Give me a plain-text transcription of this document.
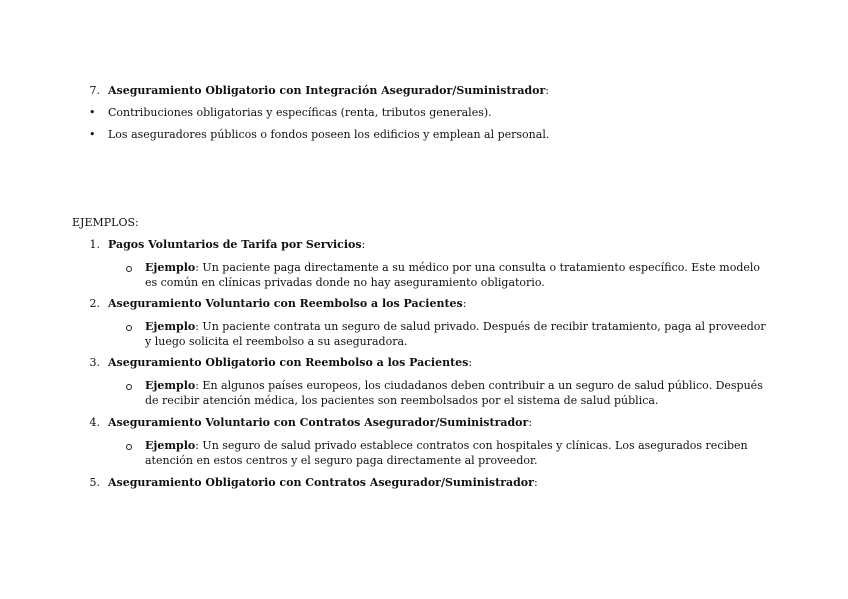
7. Aseguramiento Obligatorio con Integración Asegurador/Suministrador:
• Contribuciones obligatorias y específicas (renta, tributos generales).
• Los aseguradores públicos o fondos poseen los edificios y emplean al personal.
EJEMPLOS:
1. Pagos Voluntarios de Tarifa por Servicios:
Ejemplo: Un paciente paga directamente a su médico por una consulta o tratamiento específico. Este modelo
es común en clínicas privadas donde no hay aseguramiento obligatorio.
2. Aseguramiento Voluntario con Reembolso a los Pacientes:
Ejemplo: Un paciente contrata un seguro de salud privado. Después de recibir tratamiento, paga al proveedor
y luego solicita el reembolso a su aseguradora.
3. Aseguramiento Obligatorio con Reembolso a los Pacientes:
Ejemplo: En algunos países europeos, los ciudadanos deben contribuir a un seguro de salud público. Después
de recibir atención médica, los pacientes son reembolsados por el sistema de salud pública.
4. Aseguramiento Voluntario con Contratos Asegurador/Suministrador:
Ejemplo: Un seguro de salud privado establece contratos con hospitales y clínicas. Los asegurados reciben
atención en estos centros y el seguro paga directamente al proveedor.
5. Aseguramiento Obligatorio con Contratos Asegurador/Suministrador:
